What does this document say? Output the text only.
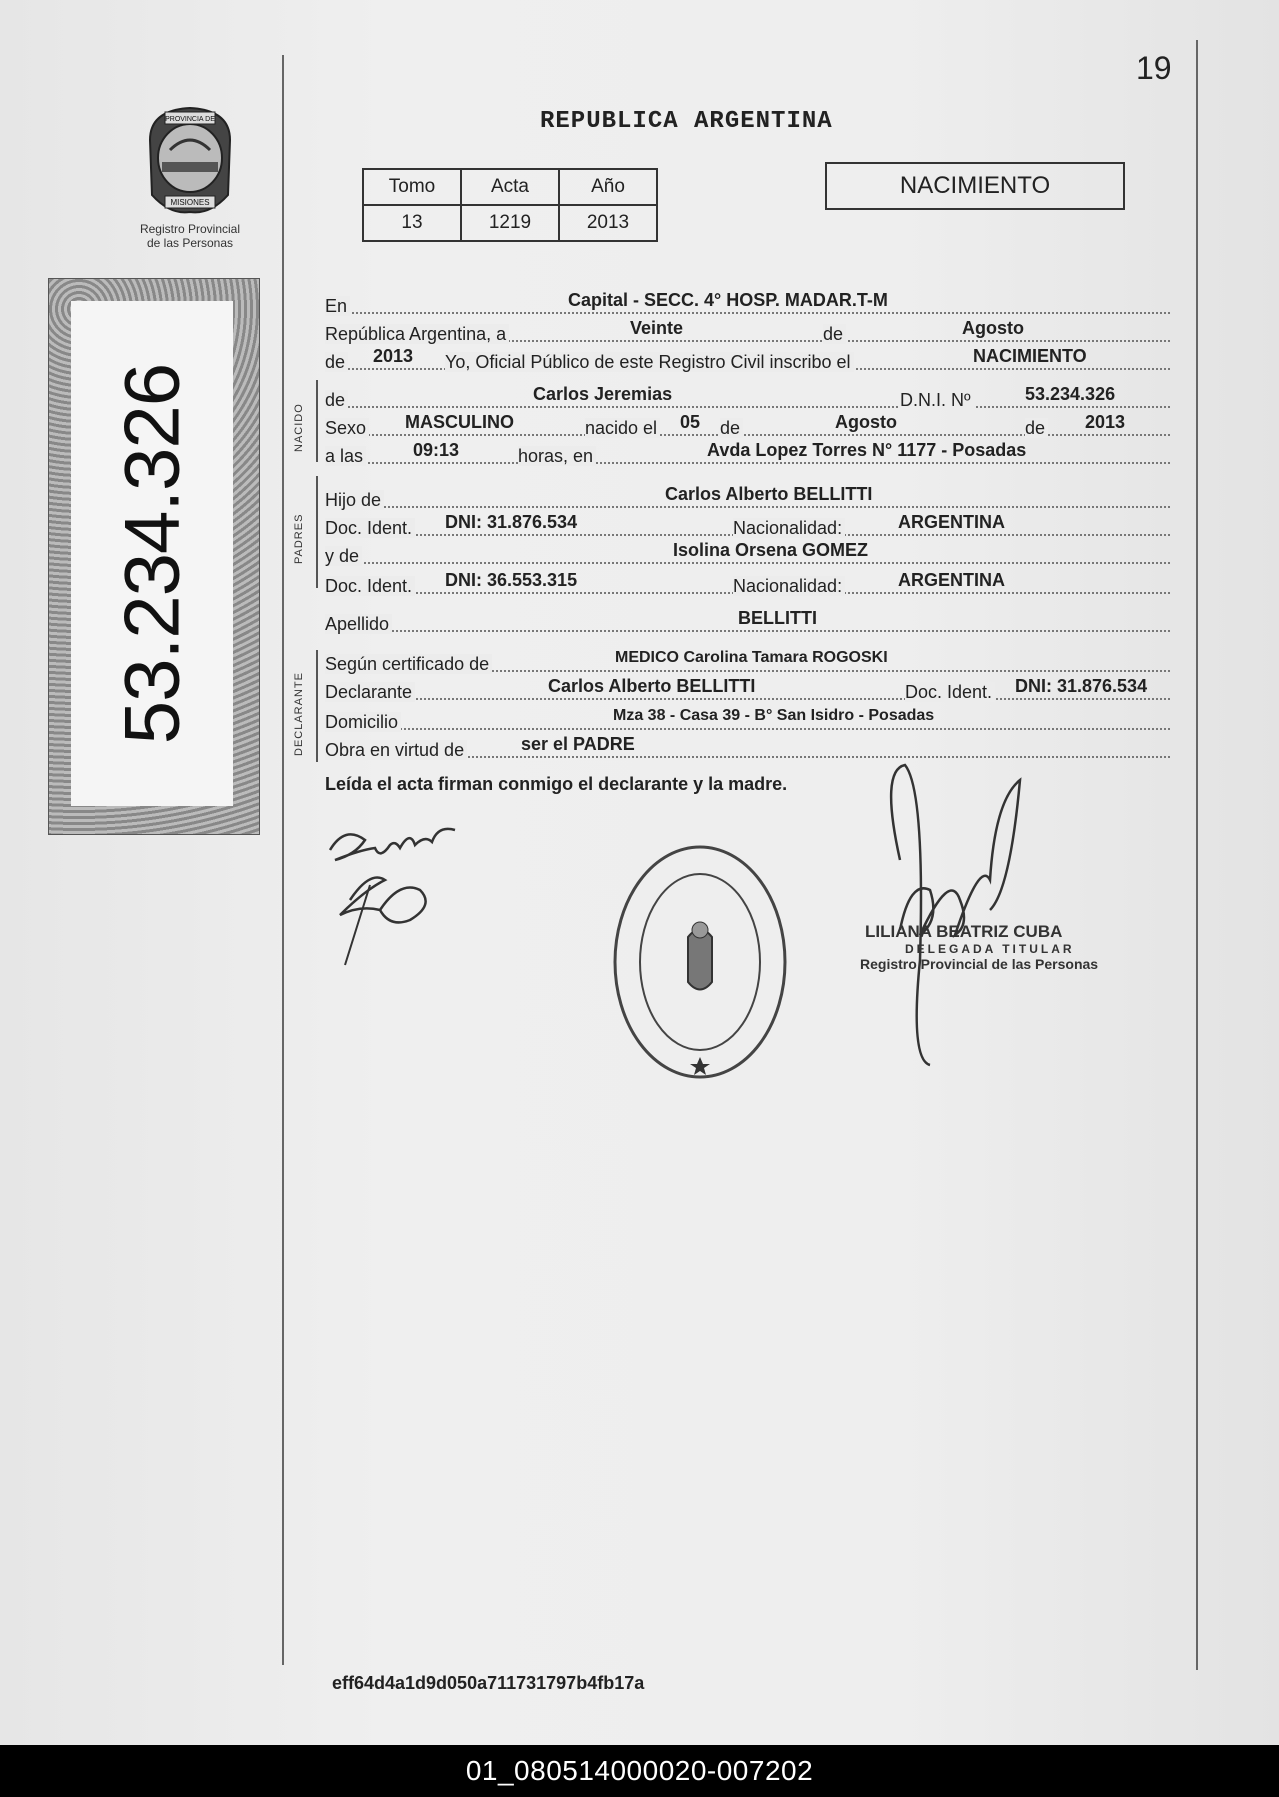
19
PROVINCIA DE
MISIONES
Registro Provincial
de las Personas
53.234.326
REPUBLICA ARGENTINA
Tomo	Acta	Año
13	1219	2013
NACIMIENTO
En	Capital - SECC. 4° HOSP. MADAR.T-M
República Argentina, a	Veinte	de	Agosto
de 2013 Yo, Oficial Público de este Registro Civil inscribo el	NACIMIENTO
NACIDO
de	Carlos Jeremias	D.N.I. Nº	53.234.326
Sexo MASCULINO	nacido el 05 de	Agosto	de 2013
a las	09:13	horas, en	Avda Lopez Torres N° 1177 - Posadas
PADRES
Hijo de	Carlos Alberto BELLITTI
Doc. Ident. DNI: 31.876.534	Nacionalidad:	ARGENTINA
y de	Isolina Orsena GOMEZ
Doc. Ident. DNI: 36.553.315	Nacionalidad:	ARGENTINA
Apellido	BELLITTI
DECLARANTE
Según certificado de	MEDICO Carolina Tamara ROGOSKI
Declarante	Carlos Alberto BELLITTI	Doc. Ident. DNI: 31.876.534
Domicilio	Mza 38 - Casa 39 - B° San Isidro - Posadas
Obra en virtud de	ser el PADRE
Leída el acta firman conmigo el declarante y la madre.
LILIANA BEATRIZ CUBA
DELEGADA TITULAR
Registro Provincial de las Personas
eff64d4a1d9d050a711731797b4fb17a
01_080514000020-007202
